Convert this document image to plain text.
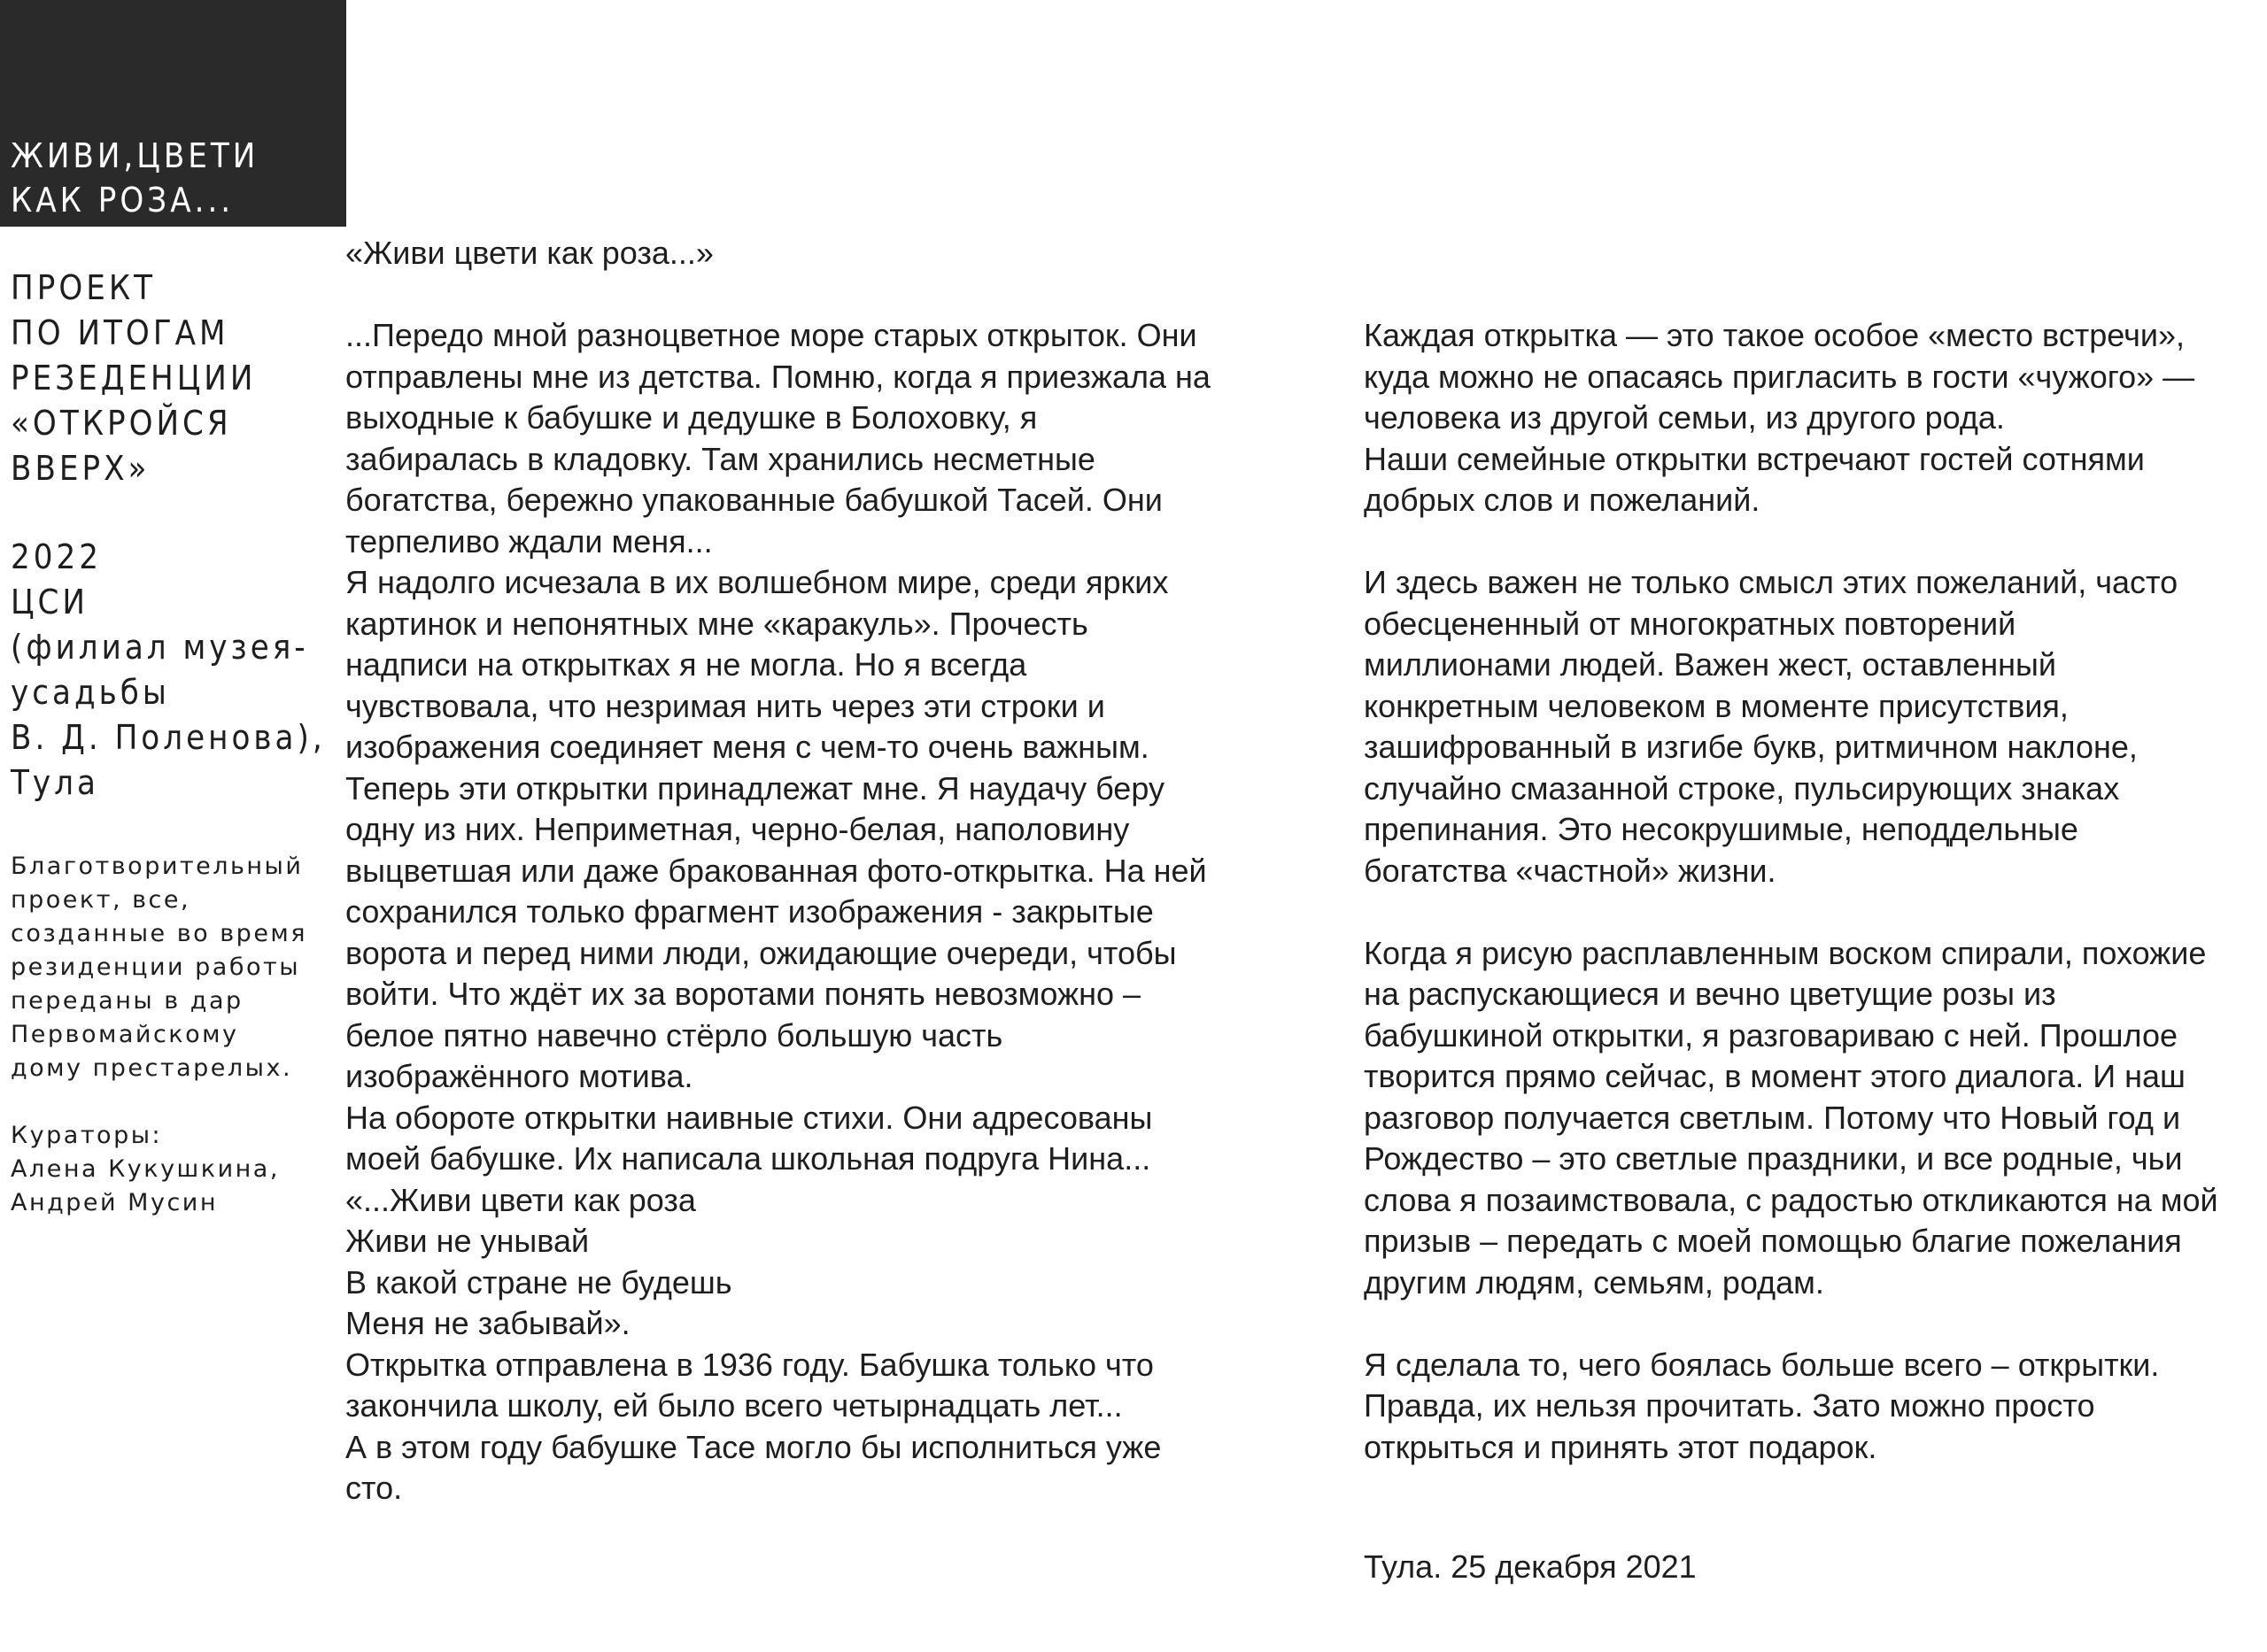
ЖИВИ,ЦВЕТИ
КАК РОЗА...
ПРОЕКТ
ПО ИТОГАМ
РЕЗЕДЕНЦИИ
«ОТКРОЙСЯ
ВВЕРХ»
2022
ЦСИ
(филиал музея-
усадьбы
В. Д. Поленова),
Тула
Благотворительный
проект, все,
созданные во время
резиденции работы
переданы в дар
Первомайскому
дому престарелых.
Кураторы:
Алена Кукушкина,
Андрей Мусин
«Живи цвети как роза...»
...Передо мной разноцветное море старых открыток. Они
отправлены мне из детства. Помню, когда я приезжала на
выходные к бабушке и дедушке в Болоховку, я
забиралась в кладовку. Там хранились несметные
богатства, бережно упакованные бабушкой Тасей. Они
терпеливо ждали меня...
Я надолго исчезала в их волшебном мире, среди ярких
картинок и непонятных мне «каракуль». Прочесть
надписи на открытках я не могла. Но я всегда
чувствовала, что незримая нить через эти строки и
изображения соединяет меня с чем-то очень важным.
Теперь эти открытки принадлежат мне. Я наудачу беру
одну из них. Неприметная, черно-белая, наполовину
выцветшая или даже бракованная фото-открытка. На ней
сохранился только фрагмент изображения - закрытые
ворота и перед ними люди, ожидающие очереди, чтобы
войти. Что ждёт их за воротами понять невозможно –
белое пятно навечно стёрло большую часть
изображённого мотива.
На обороте открытки наивные стихи. Они адресованы
моей бабушке. Их написала школьная подруга Нина...
«...Живи цвети как роза
Живи не унывай
В какой стране не будешь
Меня не забывай».
Открытка отправлена в 1936 году. Бабушка только что
закончила школу, ей было всего четырнадцать лет...
А в этом году бабушке Тасе могло бы исполниться уже
сто.
Каждая открытка — это такое особое «место встречи»,
куда можно не опасаясь пригласить в гости «чужого» —
человека из другой семьи, из другого рода.
Наши семейные открытки встречают гостей сотнями
добрых слов и пожеланий.
И здесь важен не только смысл этих пожеланий, часто
обесцененный от многократных повторений
миллионами людей. Важен жест, оставленный
конкретным человеком в моменте присутствия,
зашифрованный в изгибе букв, ритмичном наклоне,
случайно смазанной строке, пульсирующих знаках
препинания. Это несокрушимые, неподдельные
богатства «частной» жизни.
Когда я рисую расплавленным воском спирали, похожие
на распускающиеся и вечно цветущие розы из
бабушкиной открытки, я разговариваю с ней. Прошлое
творится прямо сейчас, в момент этого диалога. И наш
разговор получается светлым. Потому что Новый год и
Рождество – это светлые праздники, и все родные, чьи
слова я позаимствовала, с радостью откликаются на мой
призыв – передать с моей помощью благие пожелания
другим людям, семьям, родам.
Я сделала то, чего боялась больше всего – открытки.
Правда, их нельзя прочитать. Зато можно просто
открыться и принять этот подарок.
Тула. 25 декабря 2021
